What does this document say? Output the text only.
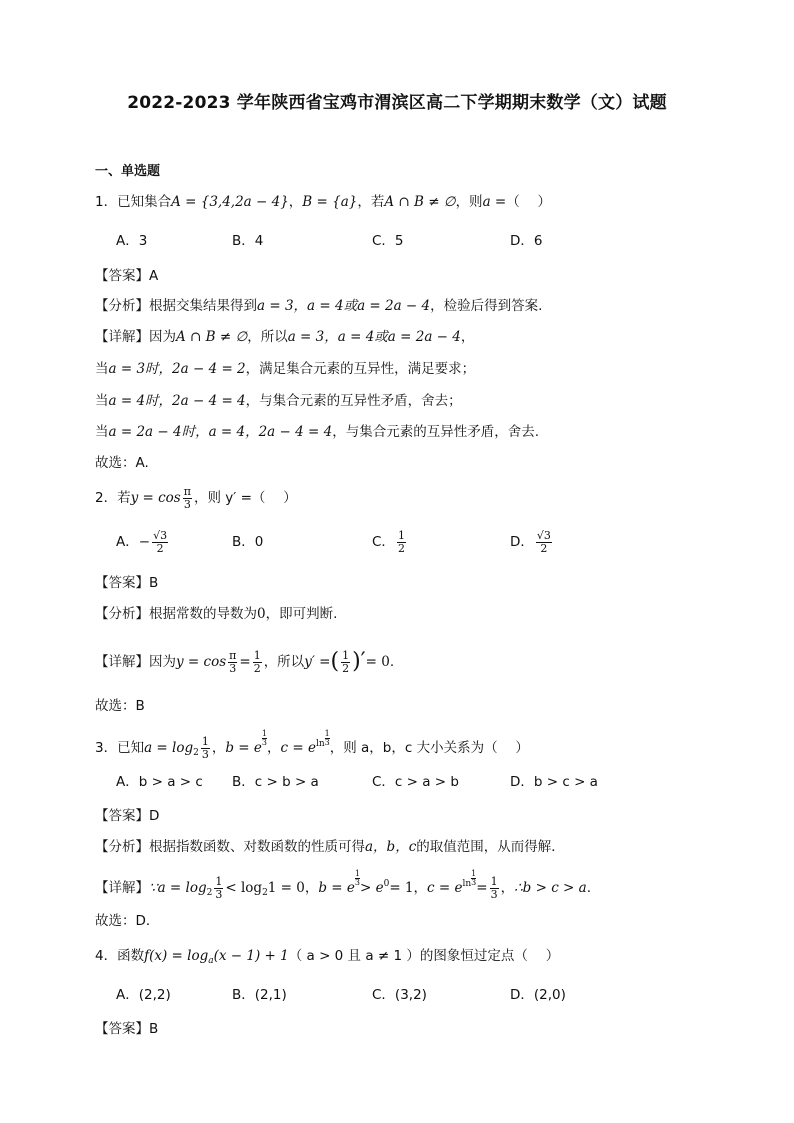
2022-2023 学年陕西省宝鸡市渭滨区高二下学期期末数学（文）试题
一、单选题
1．已知集合A = {3,4,2a − 4}，B = {a}，若A ∩ B ≠ ∅，则a =（　 ）
A．3	B．4	C．5	D．6
【答案】A
【分析】根据交集结果得到a = 3，a = 4或a = 2a − 4，检验后得到答案.
【详解】因为A ∩ B ≠ ∅，所以a = 3，a = 4或a = 2a − 4，
当a = 3时，2a − 4 = 2，满足集合元素的互异性，满足要求；
当a = 4时，2a − 4 = 4，与集合元素的互异性矛盾，舍去；
当a = 2a − 4时，a = 4，2a − 4 = 4，与集合元素的互异性矛盾，舍去.
故选：A.
2．若$y = \cos \frac{\pi}{3}$ ，则 y′ =（　 ）
A．− $\frac{√3}{2}$	B．0	C． $\frac{1}{2}$	D． $\frac{√3}{2}$
【答案】B
【分析】根据常数的导数为0，即可判断.
【详解】因为$y = \cos \frac{\pi}{3} = \frac{1}{2}$ ，所以y′ =( $\frac{1}{2}$ )′= 0.
故选：B
3．已知$a = \log_2 \frac{1}{3}$ ，b = e
$\frac{1}{3}$
，$c = e^{ln} \frac{1}{3}$
，则 a，b，c 大小关系为（　 ）
A．b > a > c B．c > b > a	C．c > a > b	D．b > c > a
【答案】D
【分析】根据指数函数、对数函数的性质可得a，b，c的取值范围，从而得解．
【详解】∵a = $\log_2 \frac{1}{3} < \log_21 = 0$，b = e
$\frac{1}{3}$
> $e^0= 1$，$c = e^{ln} \frac{1}{3}$
= $\frac{1}{3}$ ，∴b > c > a.
故选：D．
4．函数$f(x) = \log_a(x - 1) + 1$（ a > 0 且 a ≠ 1 ）的图象恒过定点（　 ）
A．(2,2)	B．(2,1)	C．(3,2)	D．(2,0)
【答案】B
